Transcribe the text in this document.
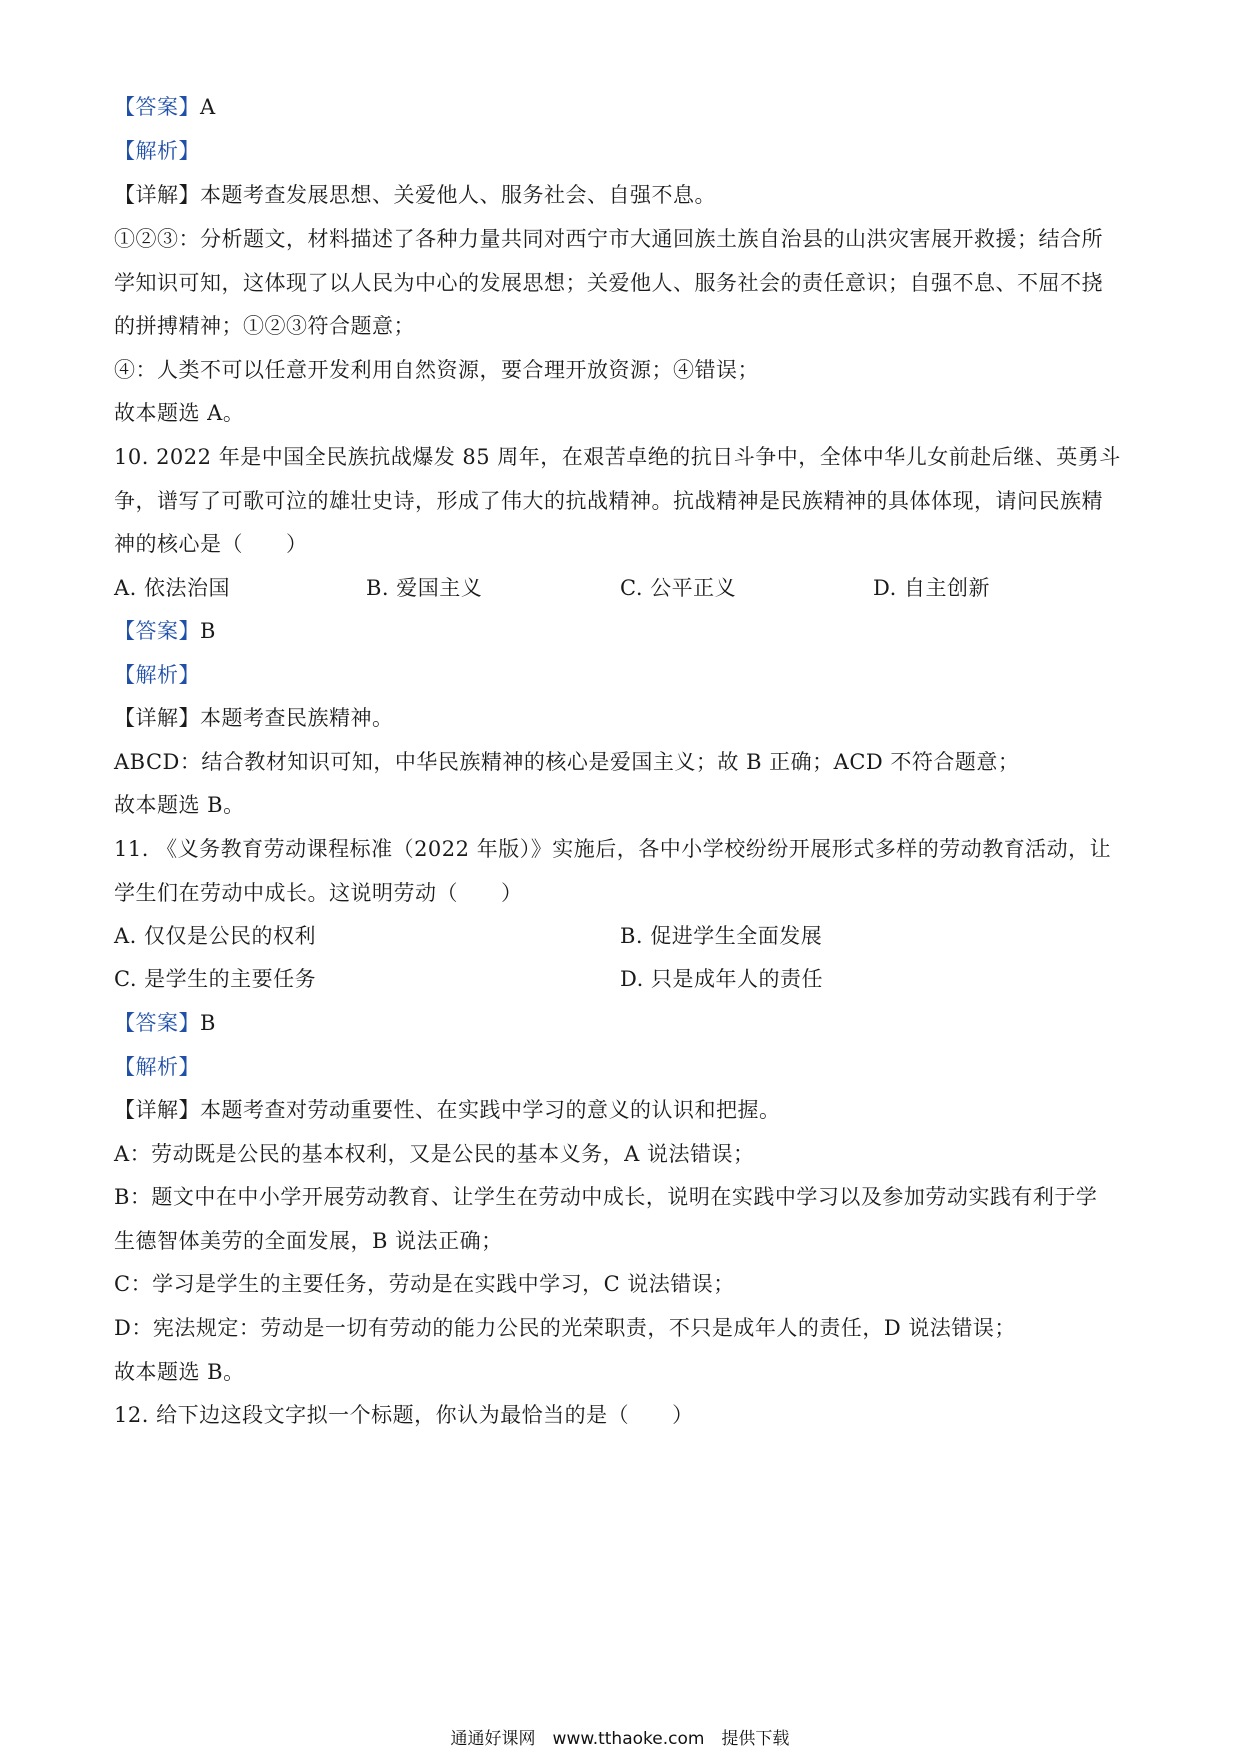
【答案】A
【解析】
【详解】本题考查发展思想、关爱他人、服务社会、自强不息。
①②③：分析题文，材料描述了各种力量共同对西宁市大通回族土族自治县的山洪灾害展开救援；结合所
学知识可知，这体现了以人民为中心的发展思想；关爱他人、服务社会的责任意识；自强不息、不屈不挠
的拼搏精神；①②③符合题意；
④：人类不可以任意开发利用自然资源，要合理开放资源；④错误；
故本题选 A。
10. 2022 年是中国全民族抗战爆发 85 周年，在艰苦卓绝的抗日斗争中，全体中华儿女前赴后继、英勇斗
争，谱写了可歌可泣的雄壮史诗，形成了伟大的抗战精神。抗战精神是民族精神的具体体现，请问民族精
神的核心是（　　）
A. 依法治国	B. 爱国主义	C. 公平正义	D. 自主创新
【答案】B
【解析】
【详解】本题考查民族精神。
ABCD：结合教材知识可知，中华民族精神的核心是爱国主义；故 B 正确；ACD 不符合题意；
故本题选 B。
11. 《义务教育劳动课程标准（2022 年版）》实施后，各中小学校纷纷开展形式多样的劳动教育活动，让
学生们在劳动中成长。这说明劳动（　　）
A. 仅仅是公民的权利	B. 促进学生全面发展
C. 是学生的主要任务	D. 只是成年人的责任
【答案】B
【解析】
【详解】本题考查对劳动重要性、在实践中学习的意义的认识和把握。
A：劳动既是公民的基本权利，又是公民的基本义务，A 说法错误；
B：题文中在中小学开展劳动教育、让学生在劳动中成长，说明在实践中学习以及参加劳动实践有利于学
生德智体美劳的全面发展，B 说法正确；
C：学习是学生的主要任务，劳动是在实践中学习，C 说法错误；
D：宪法规定：劳动是一切有劳动的能力公民的光荣职责，不只是成年人的责任，D 说法错误；
故本题选 B。
12. 给下边这段文字拟一个标题，你认为最恰当的是（　　）
通通好课网　www.tthaoke.com　提供下载
